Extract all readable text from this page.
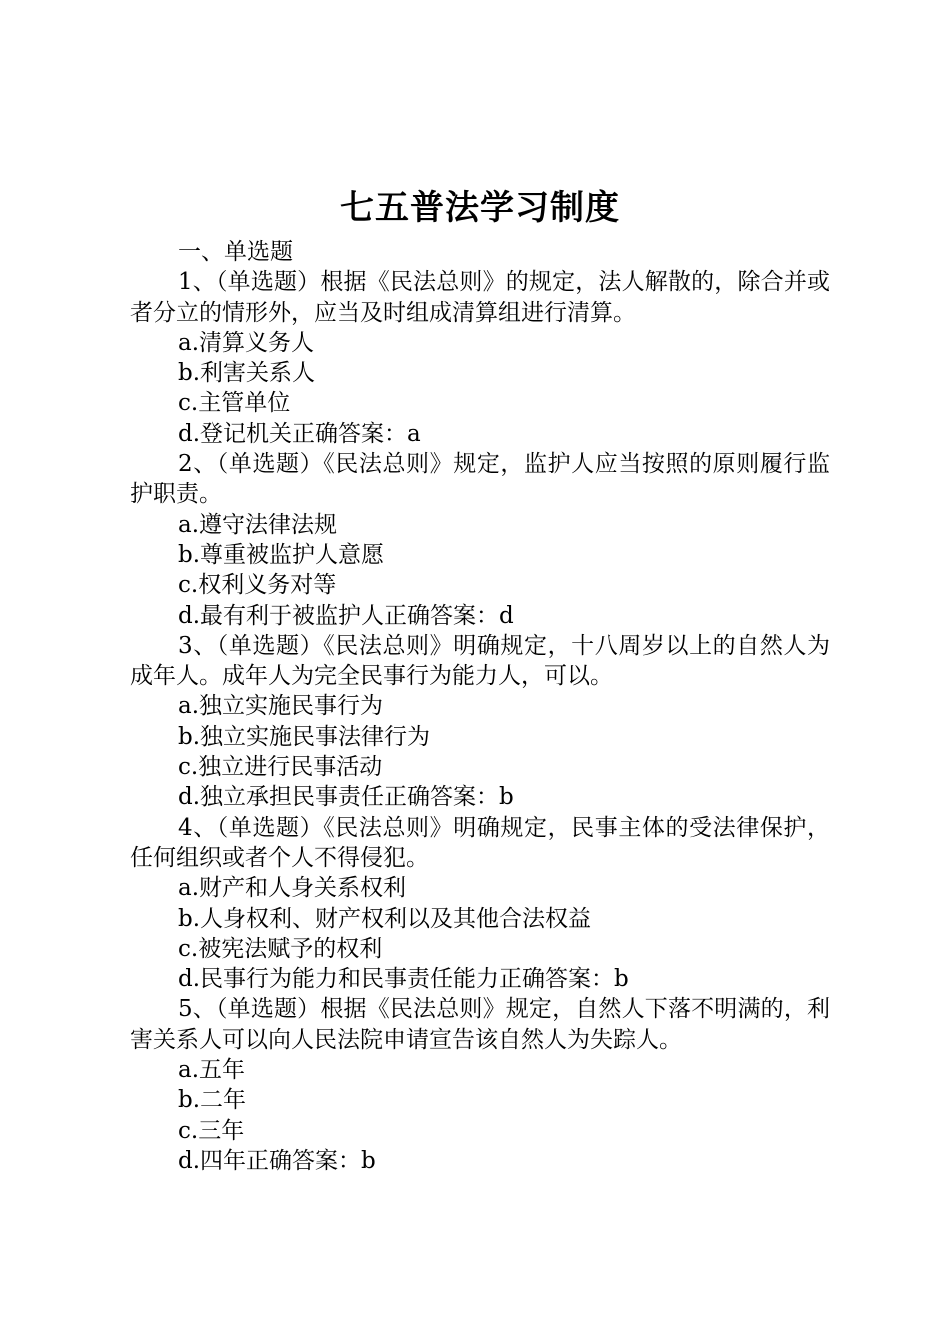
七五普法学习制度

一、单选题

1、（单选题）根据《民法总则》的规定，法人解散的，除合并或者分立的情形外，应当及时组成清算组进行清算。

a.清算义务人

b.利害关系人

c.主管单位

d.登记机关正确答案：a

2、（单选题）《民法总则》规定，监护人应当按照的原则履行监护职责。

a.遵守法律法规

b.尊重被监护人意愿

c.权利义务对等

d.最有利于被监护人正确答案：d

3、（单选题）《民法总则》明确规定，十八周岁以上的自然人为成年人。成年人为完全民事行为能力人，可以。

a.独立实施民事行为

b.独立实施民事法律行为

c.独立进行民事活动

d.独立承担民事责任正确答案：b

4、（单选题）《民法总则》明确规定，民事主体的受法律保护，任何组织或者个人不得侵犯。

a.财产和人身关系权利

b.人身权利、财产权利以及其他合法权益

c.被宪法赋予的权利

d.民事行为能力和民事责任能力正确答案：b

5、（单选题）根据《民法总则》规定，自然人下落不明满的，利害关系人可以向人民法院申请宣告该自然人为失踪人。

a.五年

b.二年

c.三年

d.四年正确答案：b
